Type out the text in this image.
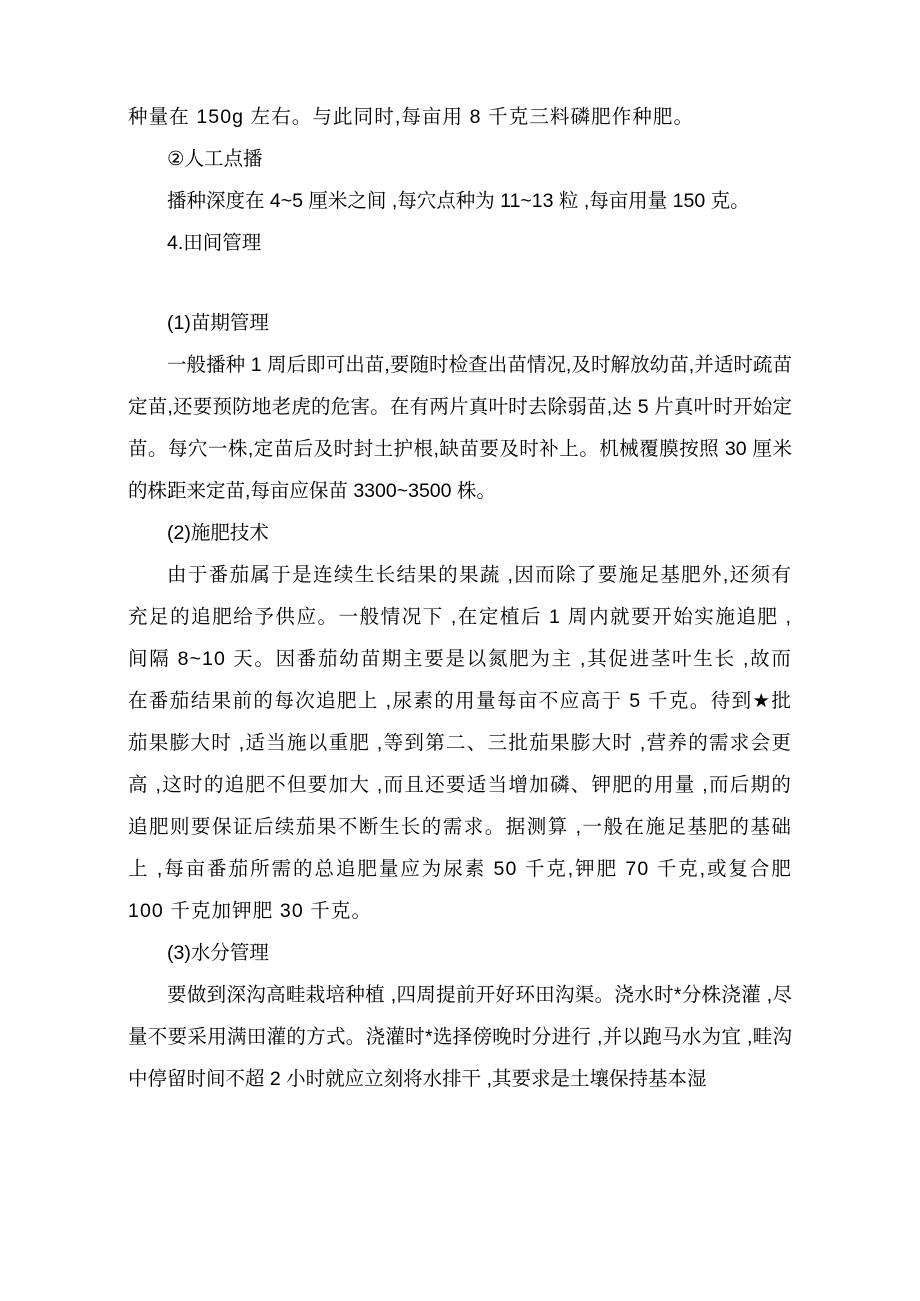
种量在 150g 左右。与此同时,每亩用 8 千克三料磷肥作种肥。

②人工点播

播种深度在 4~5 厘米之间 ,每穴点种为 11~13 粒 ,每亩用量 150 克。

4.田间管理

(1)苗期管理

一般播种 1 周后即可出苗,要随时检查出苗情况,及时解放幼苗,并适时疏苗定苗,还要预防地老虎的危害。在有两片真叶时去除弱苗,达 5 片真叶时开始定苗。每穴一株,定苗后及时封土护根,缺苗要及时补上。机械覆膜按照 30 厘米的株距来定苗,每亩应保苗 3300~3500 株。

(2)施肥技术

由于番茄属于是连续生长结果的果蔬 ,因而除了要施足基肥外,还须有充足的追肥给予供应。一般情况下 ,在定植后 1 周内就要开始实施追肥 ,间隔 8~10 天。因番茄幼苗期主要是以氮肥为主 ,其促进茎叶生长 ,故而在番茄结果前的每次追肥上 ,尿素的用量每亩不应高于 5 千克。待到★批茄果膨大时 ,适当施以重肥 ,等到第二、三批茄果膨大时 ,营养的需求会更高 ,这时的追肥不但要加大 ,而且还要适当增加磷、钾肥的用量 ,而后期的追肥则要保证后续茄果不断生长的需求。据测算 ,一般在施足基肥的基础上 ,每亩番茄所需的总追肥量应为尿素 50 千克,钾肥 70 千克,或复合肥 100 千克加钾肥 30 千克。

(3)水分管理

要做到深沟高畦栽培种植 ,四周提前开好环田沟渠。浇水时*分株浇灌 ,尽量不要采用满田灌的方式。浇灌时*选择傍晚时分进行 ,并以跑马水为宜 ,畦沟中停留时间不超 2 小时就应立刻将水排干 ,其要求是土壤保持基本湿
